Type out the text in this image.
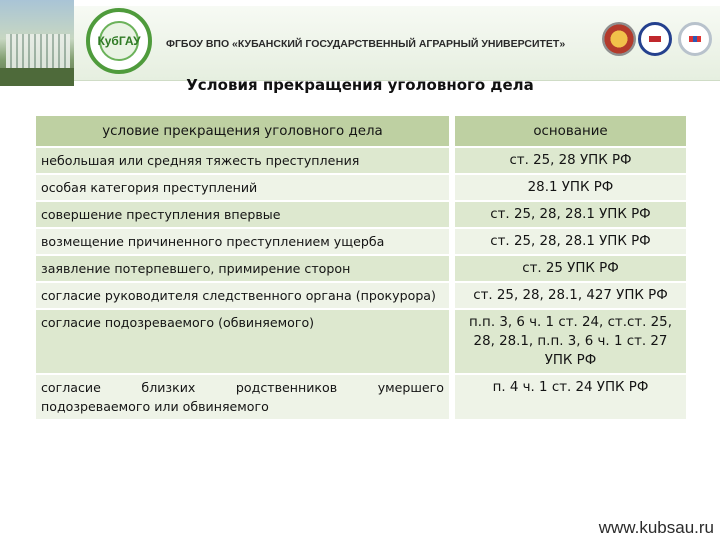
КубГАУ ФГБОУ ВПО «КУБАНСКИЙ ГОСУДАРСТВЕННЫЙ АГРАРНЫЙ УНИВЕРСИТЕТ»
Условия прекращения уголовного дела
условие прекращения уголовного дела	основание
небольшая или средняя тяжесть преступления	ст. 25, 28 УПК РФ
особая категория преступлений	28.1 УПК РФ
совершение преступления впервые	ст. 25, 28, 28.1 УПК РФ
возмещение причиненного преступлением ущерба	ст. 25, 28, 28.1 УПК РФ
заявление потерпевшего, примирение сторон	ст. 25 УПК РФ
согласие руководителя следственного органа (прокурора)	ст. 25, 28, 28.1, 427 УПК РФ
согласие подозреваемого (обвиняемого)	п.п. 3, 6 ч. 1 ст. 24, ст.ст. 25, 28, 28.1, п.п. 3, 6 ч. 1 ст. 27 УПК РФ
согласие близких родственников умершего подозреваемого или обвиняемого	п. 4 ч. 1 ст. 24 УПК РФ
www.kubsau.ru
